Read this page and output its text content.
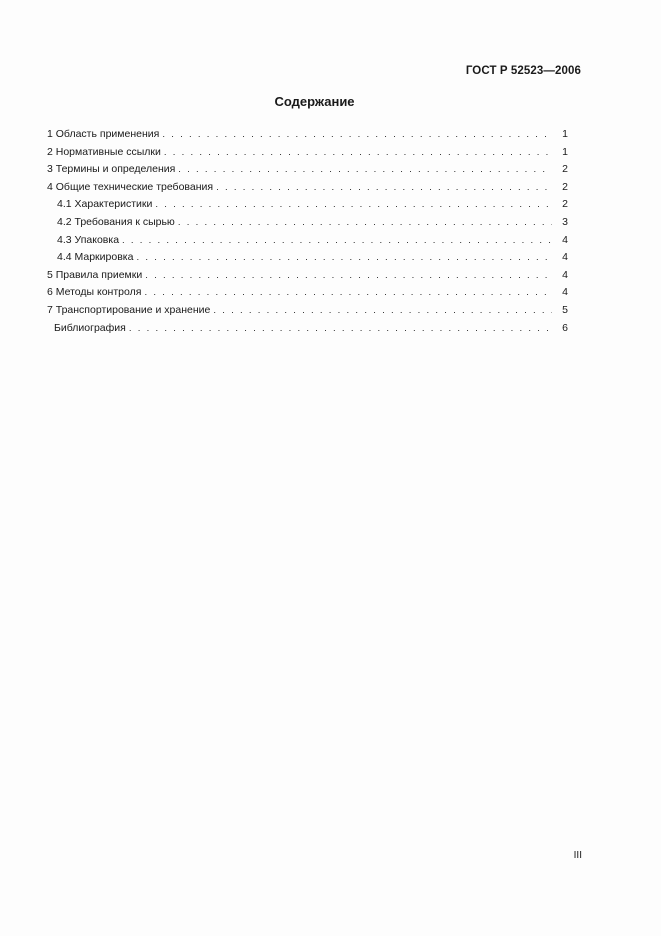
ГОСТ Р 52523—2006
Содержание
1 Область применения . . .	1
2 Нормативные ссылки . . .	1
3 Термины и определения . . .	2
4 Общие технические требования . . .	2
4.1 Характеристики . . .	2
4.2 Требования к сырью . . .	3
4.3 Упаковка . . .	4
4.4 Маркировка . . .	4
5 Правила приемки . . .	4
6 Методы контроля . . .	4
7 Транспортирование и хранение . . .	5
Библиография . . .	6
III
